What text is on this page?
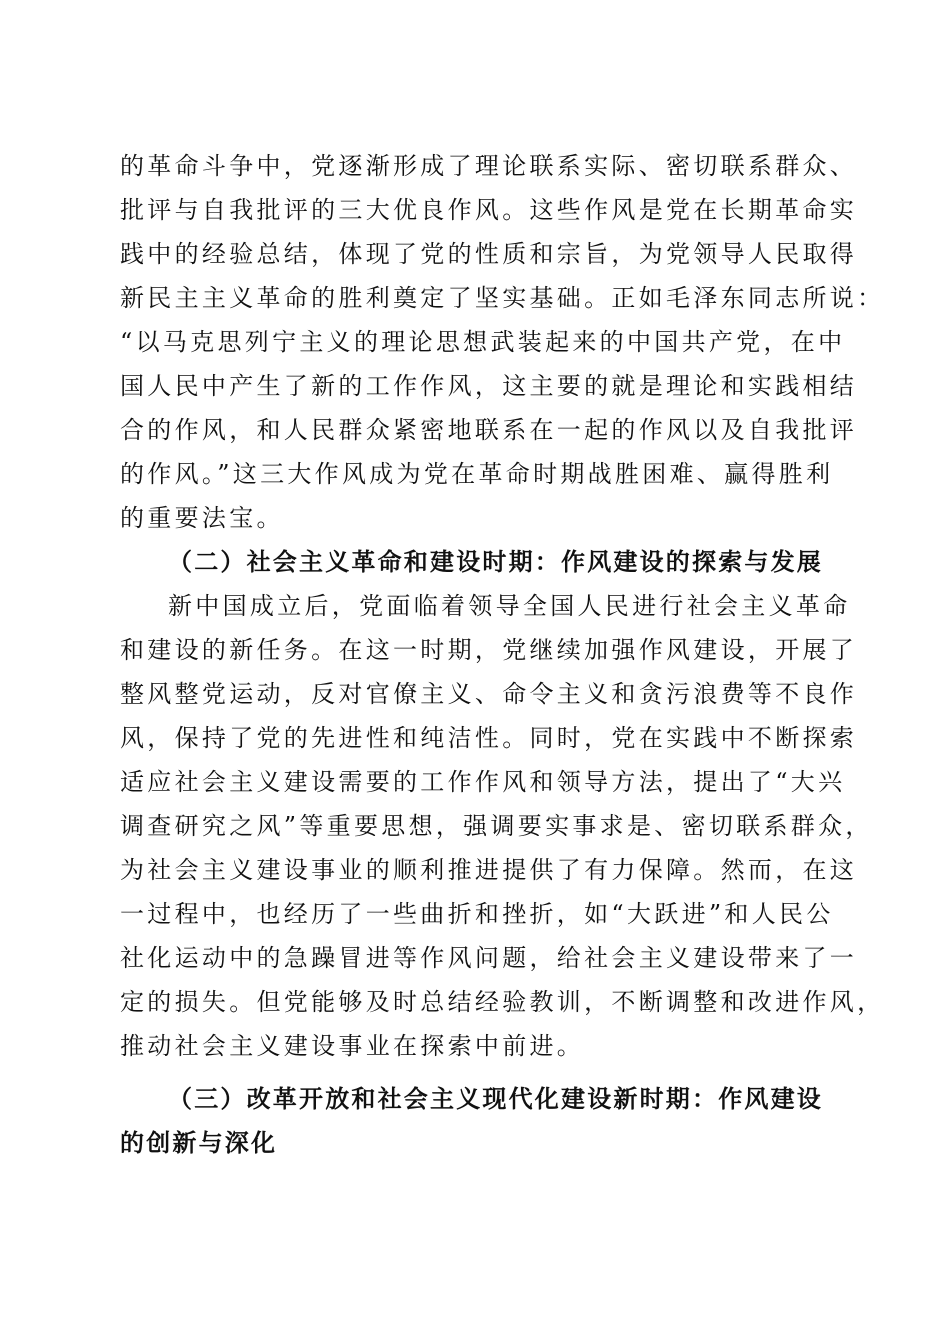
的革命斗争中，党逐渐形成了理论联系实际、密切联系群众、
批评与自我批评的三大优良作风。这些作风是党在长期革命实
践中的经验总结，体现了党的性质和宗旨，为党领导人民取得
新民主主义革命的胜利奠定了坚实基础。正如毛泽东同志所说：
“以马克思列宁主义的理论思想武装起来的中国共产党，在中
国人民中产生了新的工作作风，这主要的就是理论和实践相结
合的作风，和人民群众紧密地联系在一起的作风以及自我批评
的作风。”这三大作风成为党在革命时期战胜困难、赢得胜利
的重要法宝。
（二）社会主义革命和建设时期：作风建设的探索与发展
新中国成立后，党面临着领导全国人民进行社会主义革命
和建设的新任务。在这一时期，党继续加强作风建设，开展了
整风整党运动，反对官僚主义、命令主义和贪污浪费等不良作
风，保持了党的先进性和纯洁性。同时，党在实践中不断探索
适应社会主义建设需要的工作作风和领导方法，提出了“大兴
调查研究之风”等重要思想，强调要实事求是、密切联系群众，
为社会主义建设事业的顺利推进提供了有力保障。然而，在这
一过程中，也经历了一些曲折和挫折，如“大跃进”和人民公
社化运动中的急躁冒进等作风问题，给社会主义建设带来了一
定的损失。但党能够及时总结经验教训，不断调整和改进作风，
推动社会主义建设事业在探索中前进。
（三）改革开放和社会主义现代化建设新时期：作风建设
的创新与深化
